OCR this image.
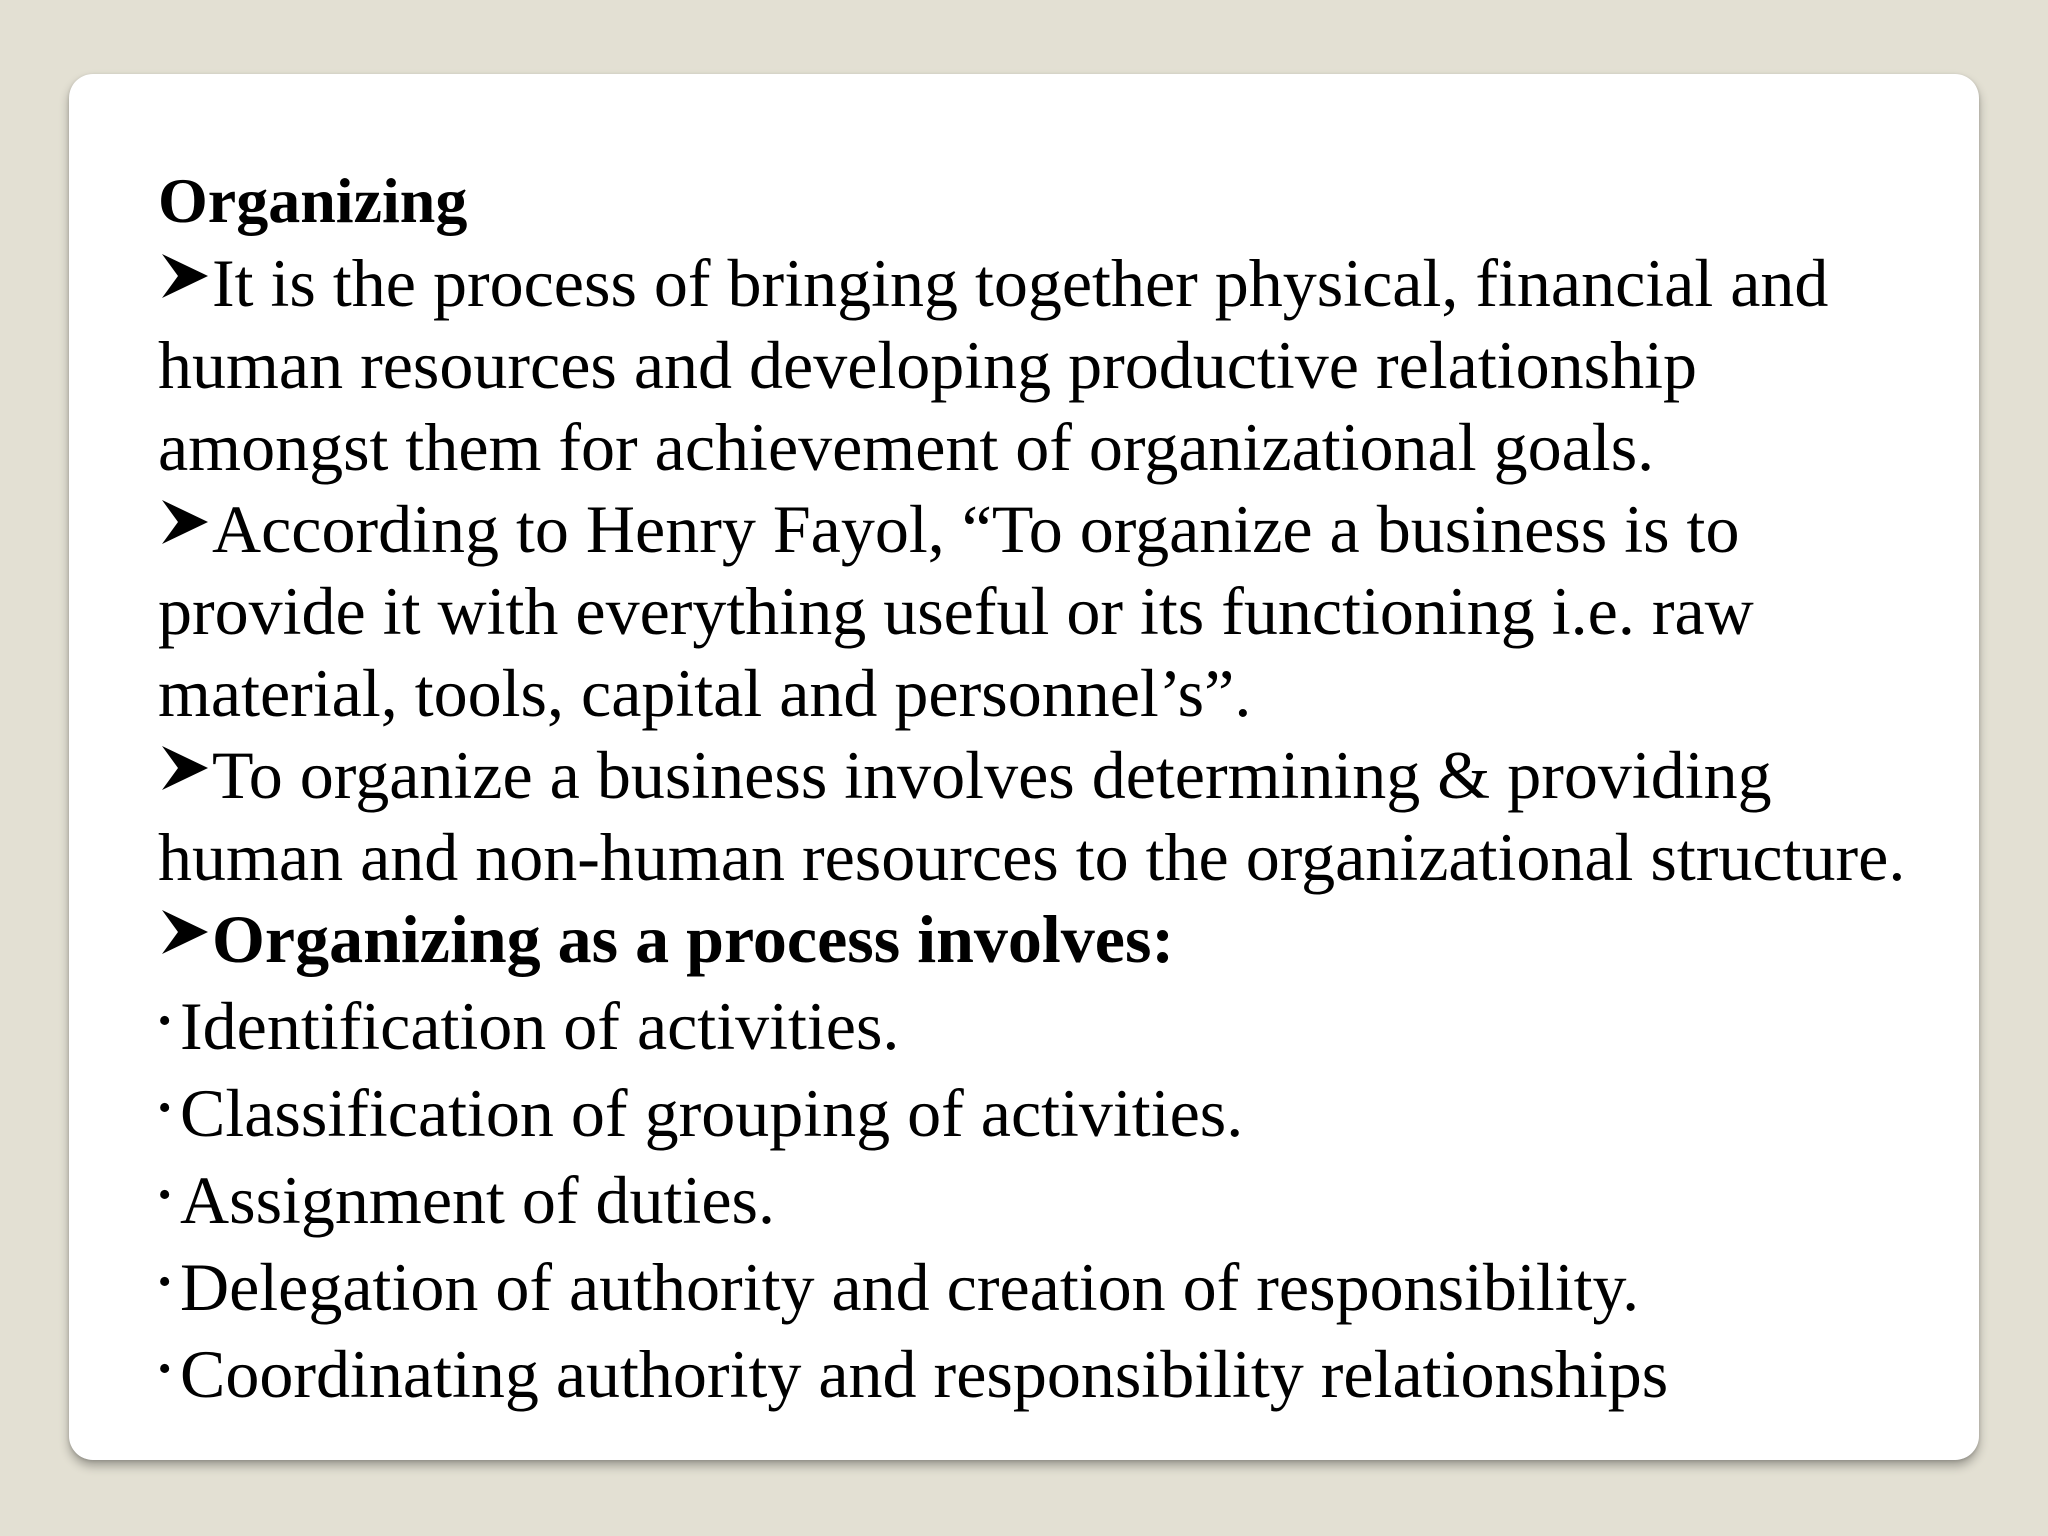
Organizing

It is the process of bringing together physical, financial and human resources and developing productive relationship amongst them for achievement of organizational goals.

According to Henry Fayol, “To organize a business is to provide it with everything useful or its functioning i.e. raw material, tools, capital and personnel’s”.

To organize a business involves determining & providing human and non-human resources to the organizational structure.

Organizing as a process involves:

• Identification of activities.

• Classification of grouping of activities.

• Assignment of duties.

• Delegation of authority and creation of responsibility.

• Coordinating authority and responsibility relationships
